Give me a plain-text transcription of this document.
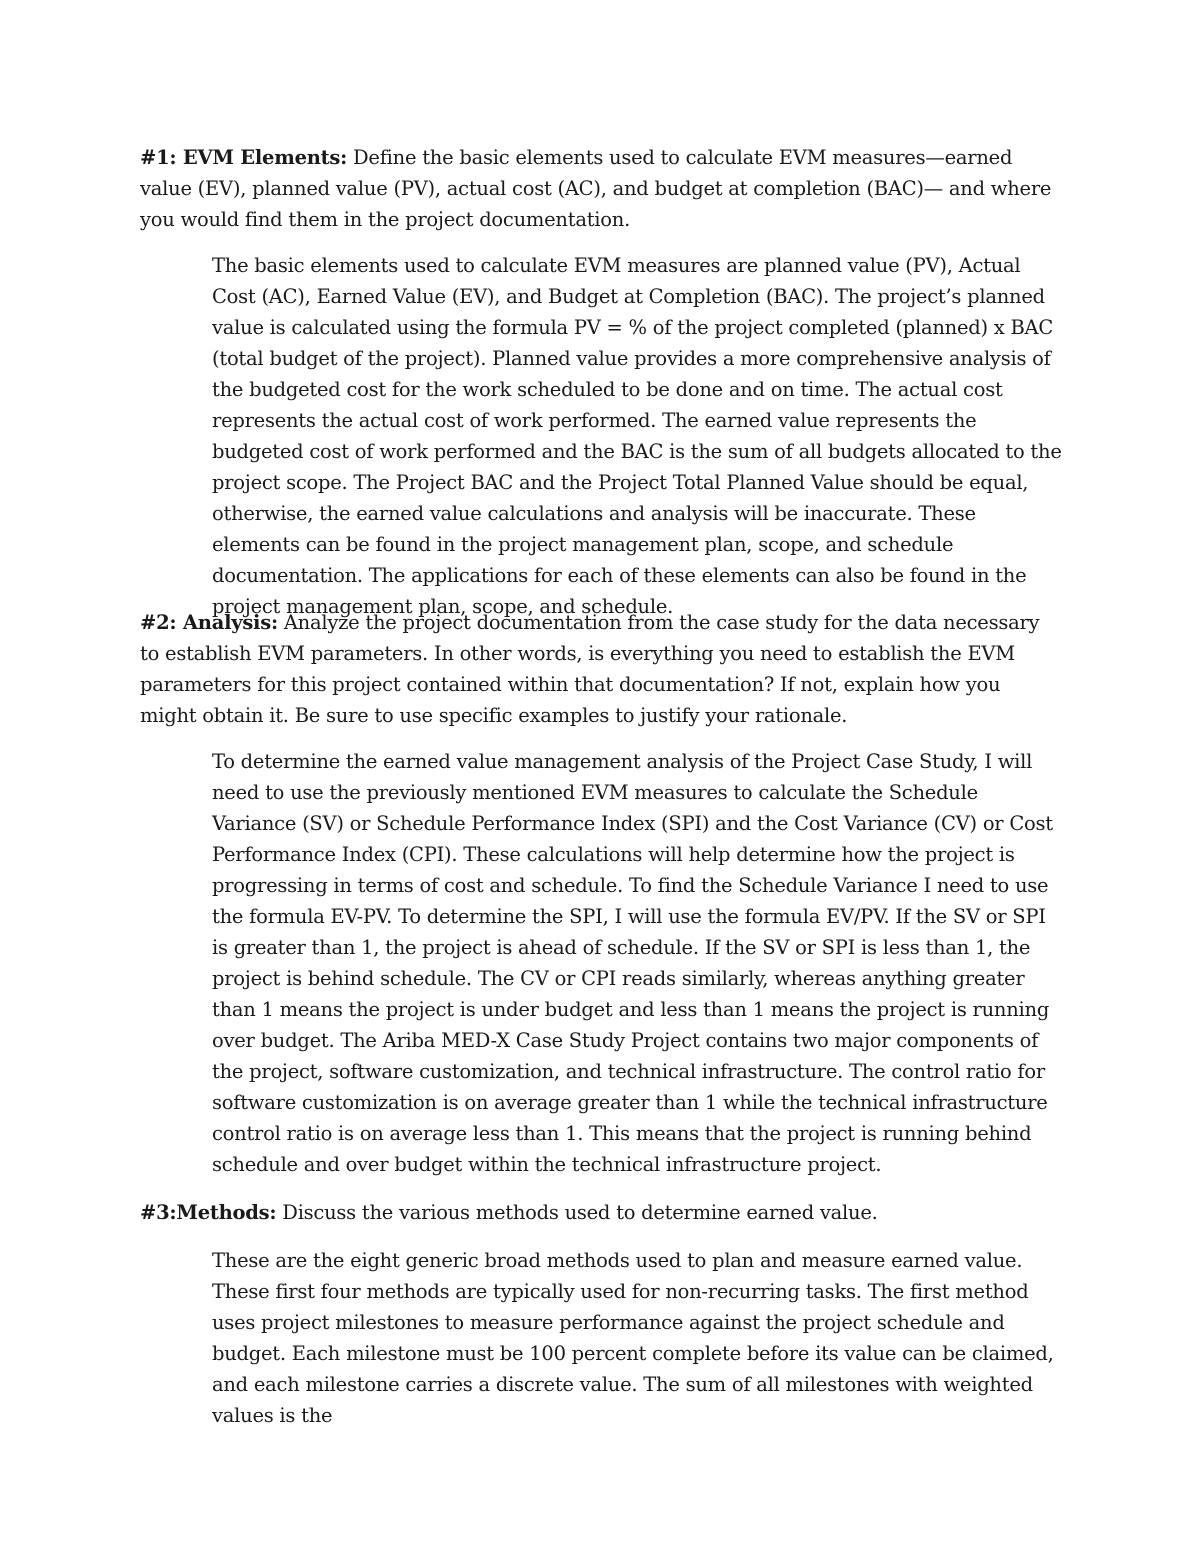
#1: EVM Elements: Define the basic elements used to calculate EVM measures—earned value (EV), planned value (PV), actual cost (AC), and budget at completion (BAC)— and where you would find them in the project documentation.

The basic elements used to calculate EVM measures are planned value (PV), Actual Cost (AC), Earned Value (EV), and Budget at Completion (BAC). The project’s planned value is calculated using the formula PV = % of the project completed (planned) x BAC (total budget of the project). Planned value provides a more comprehensive analysis of the budgeted cost for the work scheduled to be done and on time. The actual cost represents the actual cost of work performed. The earned value represents the budgeted cost of work performed and the BAC is the sum of all budgets allocated to the project scope. The Project BAC and the Project Total Planned Value should be equal, otherwise, the earned value calculations and analysis will be inaccurate. These elements can be found in the project management plan, scope, and schedule documentation. The applications for each of these elements can also be found in the project management plan, scope, and schedule.

#2: Analysis: Analyze the project documentation from the case study for the data necessary to establish EVM parameters. In other words, is everything you need to establish the EVM parameters for this project contained within that documentation? If not, explain how you might obtain it. Be sure to use specific examples to justify your rationale.

To determine the earned value management analysis of the Project Case Study, I will need to use the previously mentioned EVM measures to calculate the Schedule Variance (SV) or Schedule Performance Index (SPI) and the Cost Variance (CV) or Cost Performance Index (CPI). These calculations will help determine how the project is progressing in terms of cost and schedule. To find the Schedule Variance I need to use the formula EV-PV. To determine the SPI, I will use the formula EV/PV. If the SV or SPI is greater than 1, the project is ahead of schedule. If the SV or SPI is less than 1, the project is behind schedule. The CV or CPI reads similarly, whereas anything greater than 1 means the project is under budget and less than 1 means the project is running over budget. The Ariba MED-X Case Study Project contains two major components of the project, software customization, and technical infrastructure. The control ratio for software customization is on average greater than 1 while the technical infrastructure control ratio is on average less than 1. This means that the project is running behind schedule and over budget within the technical infrastructure project.

#3:Methods: Discuss the various methods used to determine earned value.

These are the eight generic broad methods used to plan and measure earned value. These first four methods are typically used for non-recurring tasks. The first method uses project milestones to measure performance against the project schedule and budget. Each milestone must be 100 percent complete before its value can be claimed, and each milestone carries a discrete value. The sum of all milestones with weighted values is the
